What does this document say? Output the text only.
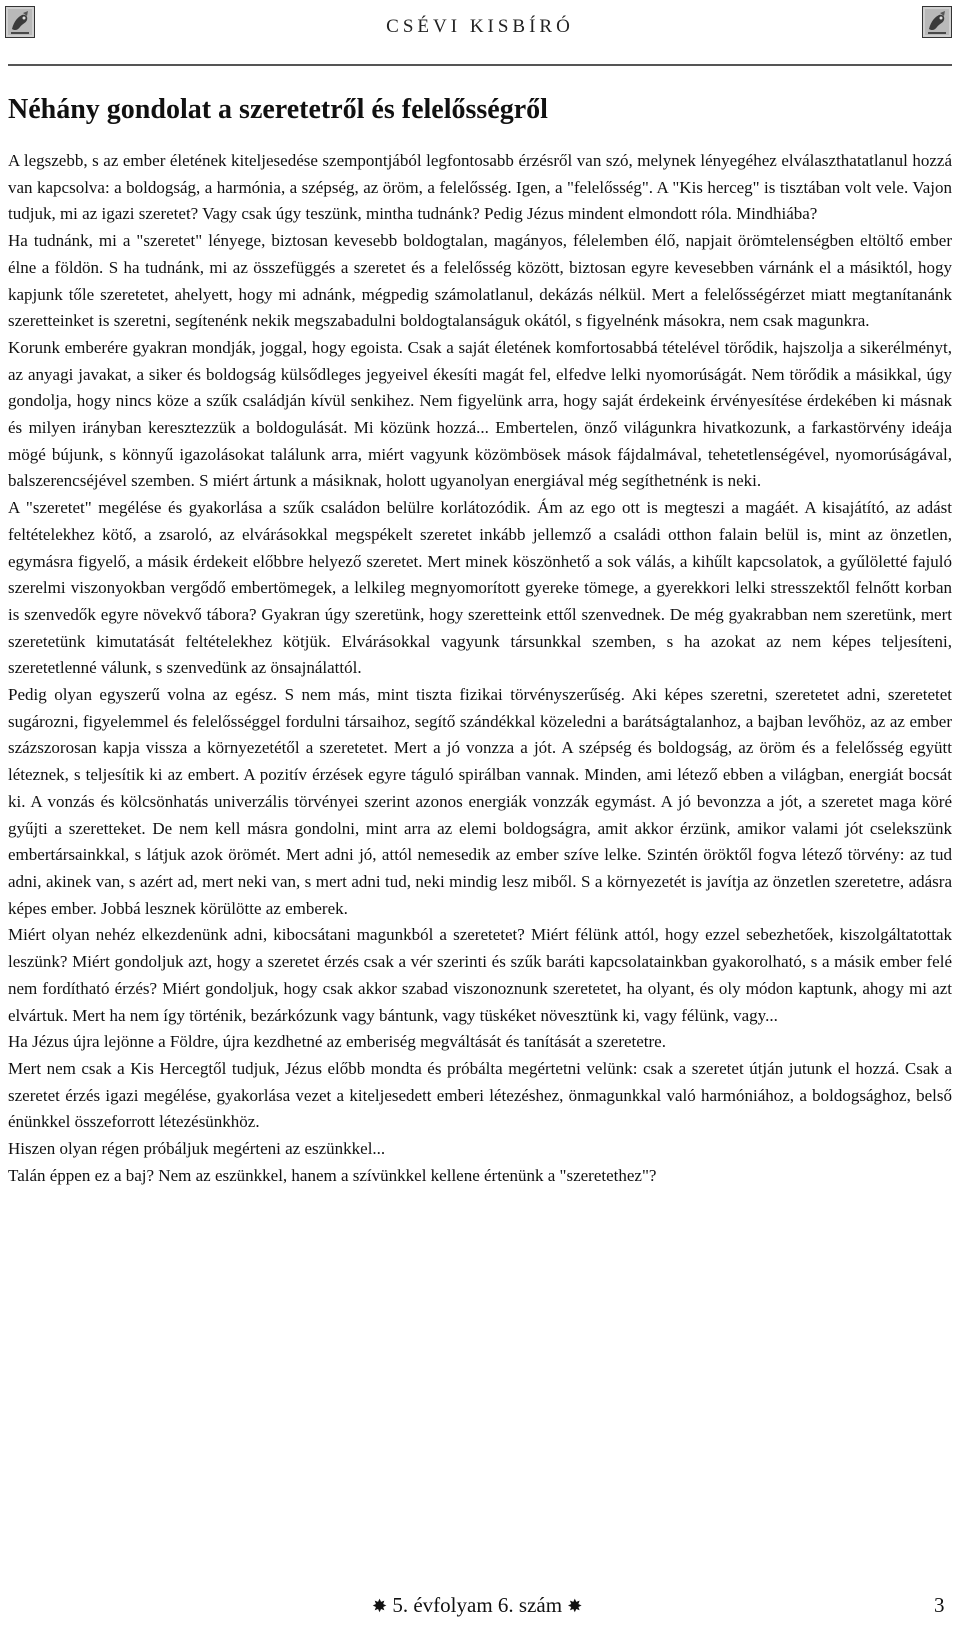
CSÉVI KISBÍRÓ
Néhány gondolat a szeretetről és felelősségről

A legszebb, s az ember életének kiteljesedése szempontjából legfontosabb érzésről van szó, melynek lényegéhez elválaszthatatlanul hozzá van kapcsolva: a boldogság, a harmónia, a szépség, az öröm, a felelősség. Igen, a "felelősség". A "Kis herceg" is tisztában volt vele. Vajon tudjuk, mi az igazi szeretet? Vagy csak úgy teszünk, mintha tudnánk? Pedig Jézus mindent elmondott róla. Mindhiába?

Ha tudnánk, mi a "szeretet" lényege, biztosan kevesebb boldogtalan, magányos, félelemben élő, napjait örömtelenségben eltöltő ember élne a földön. S ha tudnánk, mi az összefüggés a szeretet és a felelősség között, biztosan egyre kevesebben várnánk el a másiktól, hogy kapjunk tőle szeretetet, ahelyett, hogy mi adnánk, mégpedig számolatlanul, dekázás nélkül. Mert a felelősségérzet miatt megtanítanánk szeretteinket is szeretni, segítenénk nekik megszabadulni boldogtalanságuk okától, s figyelnénk másokra, nem csak magunkra.

Korunk emberére gyakran mondják, joggal, hogy egoista. Csak a saját életének komfortosabbá tételével törődik, hajszolja a sikerélményt, az anyagi javakat, a siker és boldogság külsődleges jegyeivel ékesíti magát fel, elfedve lelki nyomorúságát. Nem törődik a másikkal, úgy gondolja, hogy nincs köze a szűk családján kívül senkihez. Nem figyelünk arra, hogy saját érdekeink érvényesítése érdekében ki másnak és milyen irányban keresztezzük a boldogulását. Mi közünk hozzá... Embertelen, önző világunkra hivatkozunk, a farkastörvény ideája mögé bújunk, s könnyű igazolásokat találunk arra, miért vagyunk közömbösek mások fájdalmával, tehetetlenségével, nyomorúságával, balszerencséjével szemben. S miért ártunk a másiknak, holott ugyanolyan energiával még segíthetnénk is neki.

A "szeretet" megélése és gyakorlása a szűk családon belülre korlátozódik. Ám az ego ott is megteszi a magáét. A kisajátító, az adást feltételekhez kötő, a zsaroló, az elvárásokkal megspékelt szeretet inkább jellemző a családi otthon falain belül is, mint az önzetlen, egymásra figyelő, a másik érdekeit előbbre helyező szeretet. Mert minek köszönhető a sok válás, a kihűlt kapcsolatok, a gyűlöletté fajuló szerelmi viszonyokban vergődő embertömegek, a lelkileg megnyomorított gyereke tömege, a gyerekkori lelki stresszektől felnőtt korban is szenvedők egyre növekvő tábora? Gyakran úgy szeretünk, hogy szeretteink ettől szenvednek. De még gyakrabban nem szeretünk, mert szeretetünk kimutatását feltételekhez kötjük. Elvárásokkal vagyunk társunkkal szemben, s ha azokat az nem képes teljesíteni, szeretetlenné válunk, s szenvedünk az önsajnálattól.

Pedig olyan egyszerű volna az egész. S nem más, mint tiszta fizikai törvényszerűség. Aki képes szeretni, szeretetet adni, szeretetet sugározni, figyelemmel és felelősséggel fordulni társaihoz, segítő szándékkal közeledni a barátságtalanhoz, a bajban levőhöz, az az ember százszorosan kapja vissza a környezetétől a szeretetet. Mert a jó vonzza a jót. A szépség és boldogság, az öröm és a felelősség együtt léteznek, s teljesítik ki az embert. A pozitív érzések egyre táguló spirálban vannak. Minden, ami létező ebben a világban, energiát bocsát ki. A vonzás és kölcsönhatás univerzális törvényei szerint azonos energiák vonzzák egymást. A jó bevonzza a jót, a szeretet maga köré gyűjti a szeretteket. De nem kell másra gondolni, mint arra az elemi boldogságra, amit akkor érzünk, amikor valami jót cselekszünk embertársainkkal, s látjuk azok örömét. Mert adni jó, attól nemesedik az ember szíve lelke. Szintén öröktől fogva létező törvény: az tud adni, akinek van, s azért ad, mert neki van, s mert adni tud, neki mindig lesz miből. S a környezetét is javítja az önzetlen szeretetre, adásra képes ember. Jobbá lesznek körülötte az emberek.

Miért olyan nehéz elkezdenünk adni, kibocsátani magunkból a szeretetet? Miért félünk attól, hogy ezzel sebezhetőek, kiszolgáltatottak leszünk? Miért gondoljuk azt, hogy a szeretet érzés csak a vér szerinti és szűk baráti kapcsolatainkban gyakorolható, s a másik ember felé nem fordítható érzés? Miért gondoljuk, hogy csak akkor szabad viszonoznunk szeretetet, ha olyant, és oly módon kaptunk, ahogy mi azt elvártuk. Mert ha nem így történik, bezárkózunk vagy bántunk, vagy tüskéket növesztünk ki, vagy félünk, vagy...

Ha Jézus újra lejönne a Földre, újra kezdhetné az emberiség megváltását és tanítását a szeretetre.

Mert nem csak a Kis Hercegtől tudjuk, Jézus előbb mondta és próbálta megértetni velünk: csak a szeretet útján jutunk el hozzá. Csak a szeretet érzés igazi megélése, gyakorlása vezet a kiteljesedett emberi létezéshez, önmagunkkal való harmóniához, a boldogsághoz, belső énünkkel összeforrott létezésünkhöz.

Hiszen olyan régen próbáljuk megérteni az eszünkkel...

Talán éppen ez a baj? Nem az eszünkkel, hanem a szívünkkel kellene értenünk a "szeretethez"?

✸ 5. évfolyam 6. szám ✸	3
